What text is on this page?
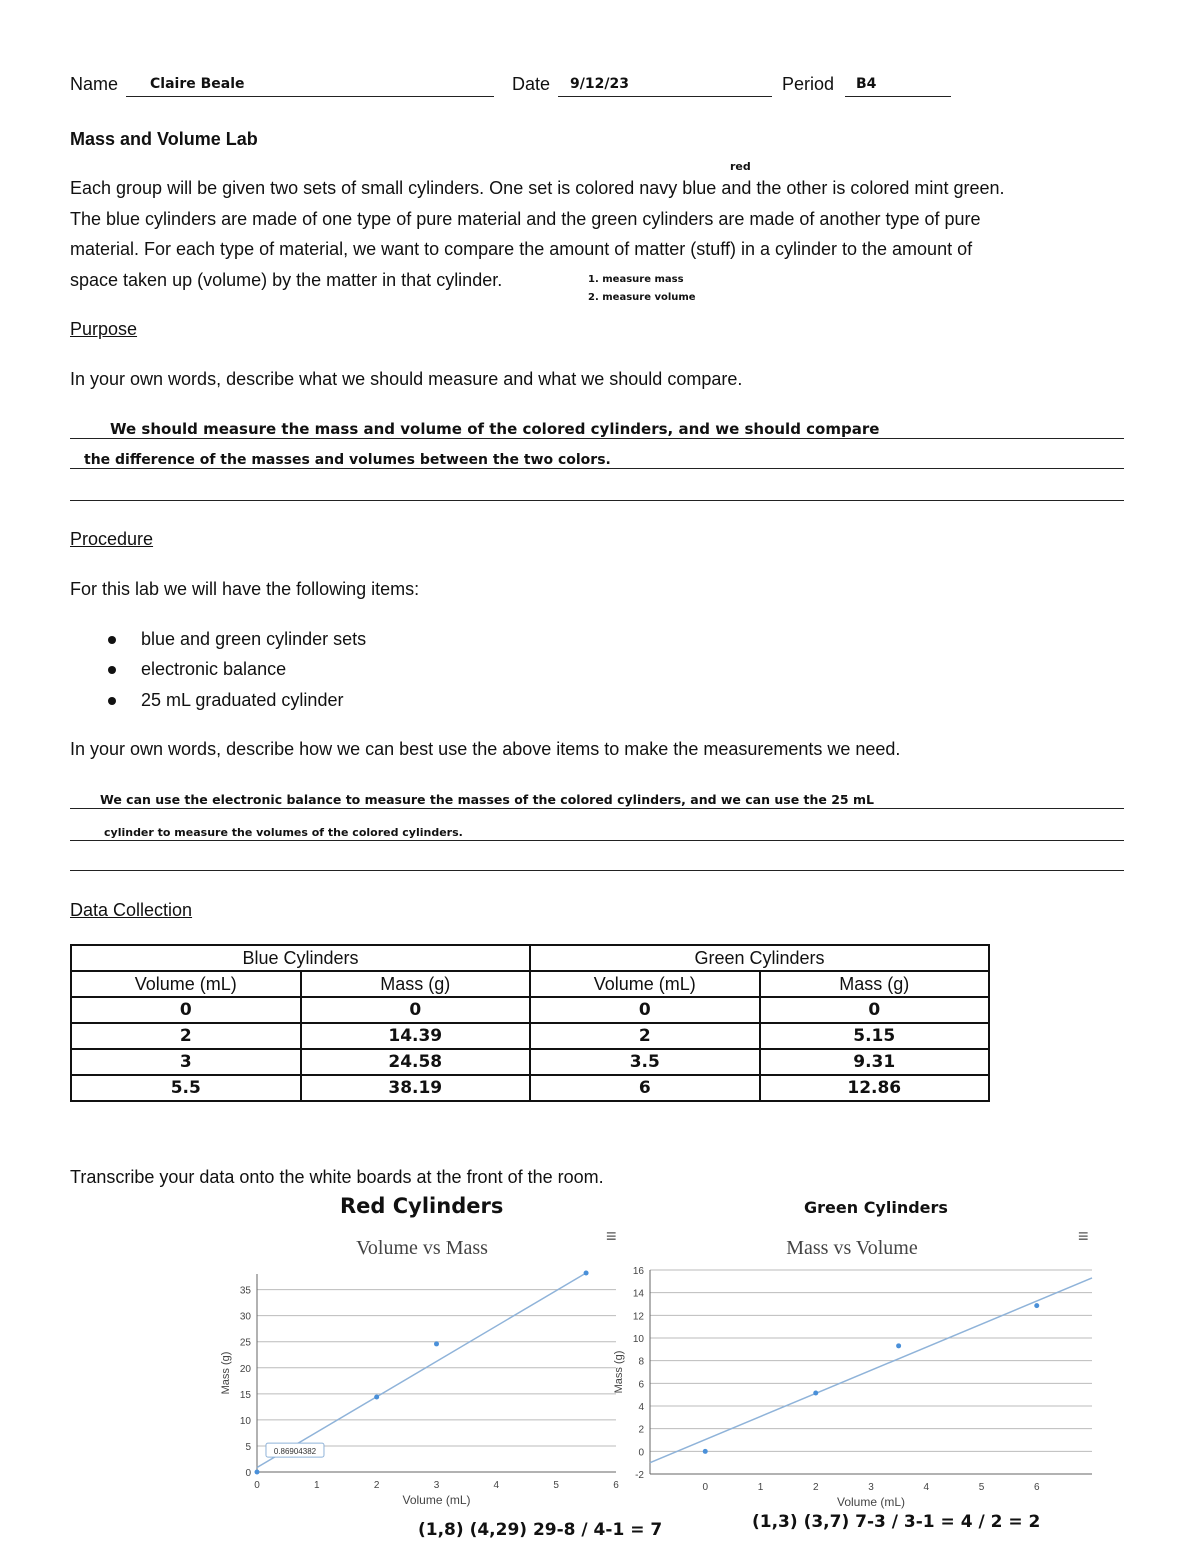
Name Claire Beale	Date 9/12/23	Period B4
Mass and Volume Lab
red
Each group will be given two sets of small cylinders. One set is colored navy blue and the other is colored mint green.
The blue cylinders are made of one type of pure material and the green cylinders are made of another type of pure
material. For each type of material, we want to compare the amount of matter (stuff) in a cylinder to the amount of
space taken up (volume) by the matter in that cylinder.	1. measure mass
2. measure volume
Purpose
In your own words, describe what we should measure and what we should compare.
We should measure the mass and volume of the colored cylinders, and we should compare
the difference of the masses and volumes between the two colors.
Procedure
For this lab we will have the following items:
blue and green cylinder sets
electronic balance
25 mL graduated cylinder
In your own words, describe how we can best use the above items to make the measurements we need.
We can use the electronic balance to measure the masses of the colored cylinders, and we can use the 25 mL
cylinder to measure the volumes of the colored cylinders.
Data Collection
Blue Cylinders		Green Cylinders	
Volume (mL)	Mass (g)	Volume (mL)	Mass (g)
0	0	0	0
2	14.39	2	5.15
3	24.58	3.5	9.31
5.5	38.19	6	12.86
Transcribe your data onto the white boards at the front of the room.
Red Cylinders	Green Cylinders
≡
Volume vs Mass
0
5
10
15
20
25
30
35
0	1	2	3	4	5	6
Volume (mL)
Mass (g)
0.86904382
≡
Mass vs Volume
-2
0
2
4
6
8
10
12
14
16
0	1	2	3	4	5	6
Volume (mL)
Mass (g)
(1,8) (4,29) 29-8 / 4-1 = 7	(1,3) (3,7) 7-3 / 3-1 = 4 / 2 = 2
